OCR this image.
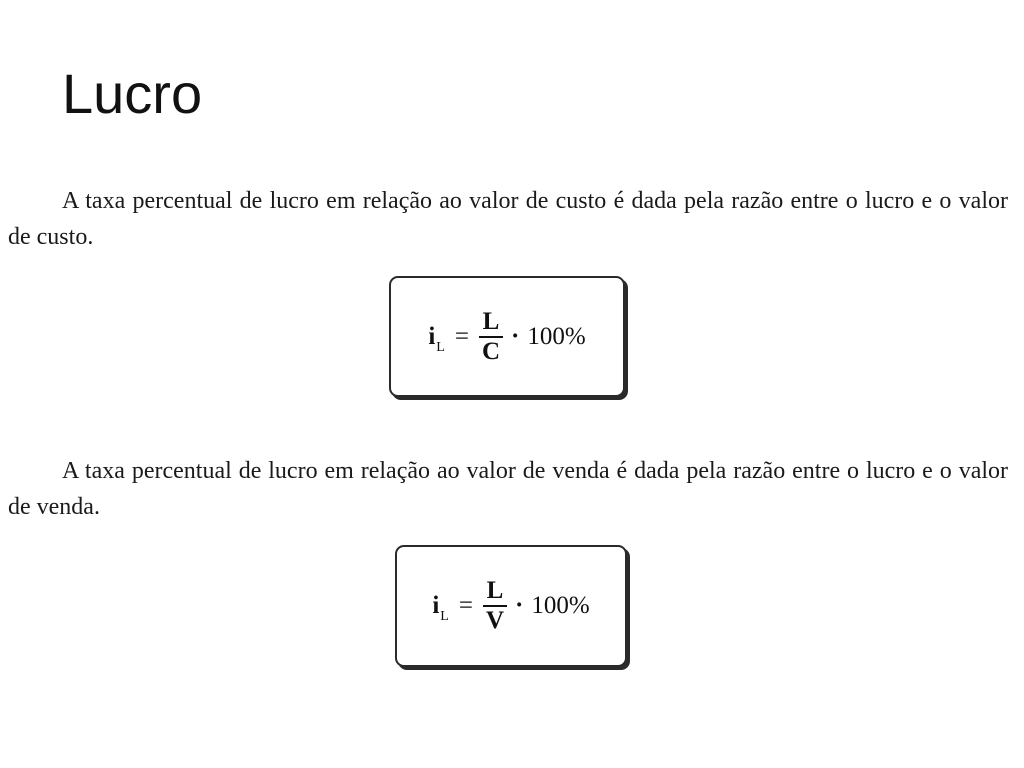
Lucro

A taxa percentual de lucro em relação ao valor de custo é dada pela razão entre o lucro e o valor de custo.

$i_L = \frac{L}{C} \cdot 100\%$

A taxa percentual de lucro em relação ao valor de venda é dada pela razão entre o lucro e o valor de venda.

$i_L = \frac{L}{V} \cdot 100\%$
